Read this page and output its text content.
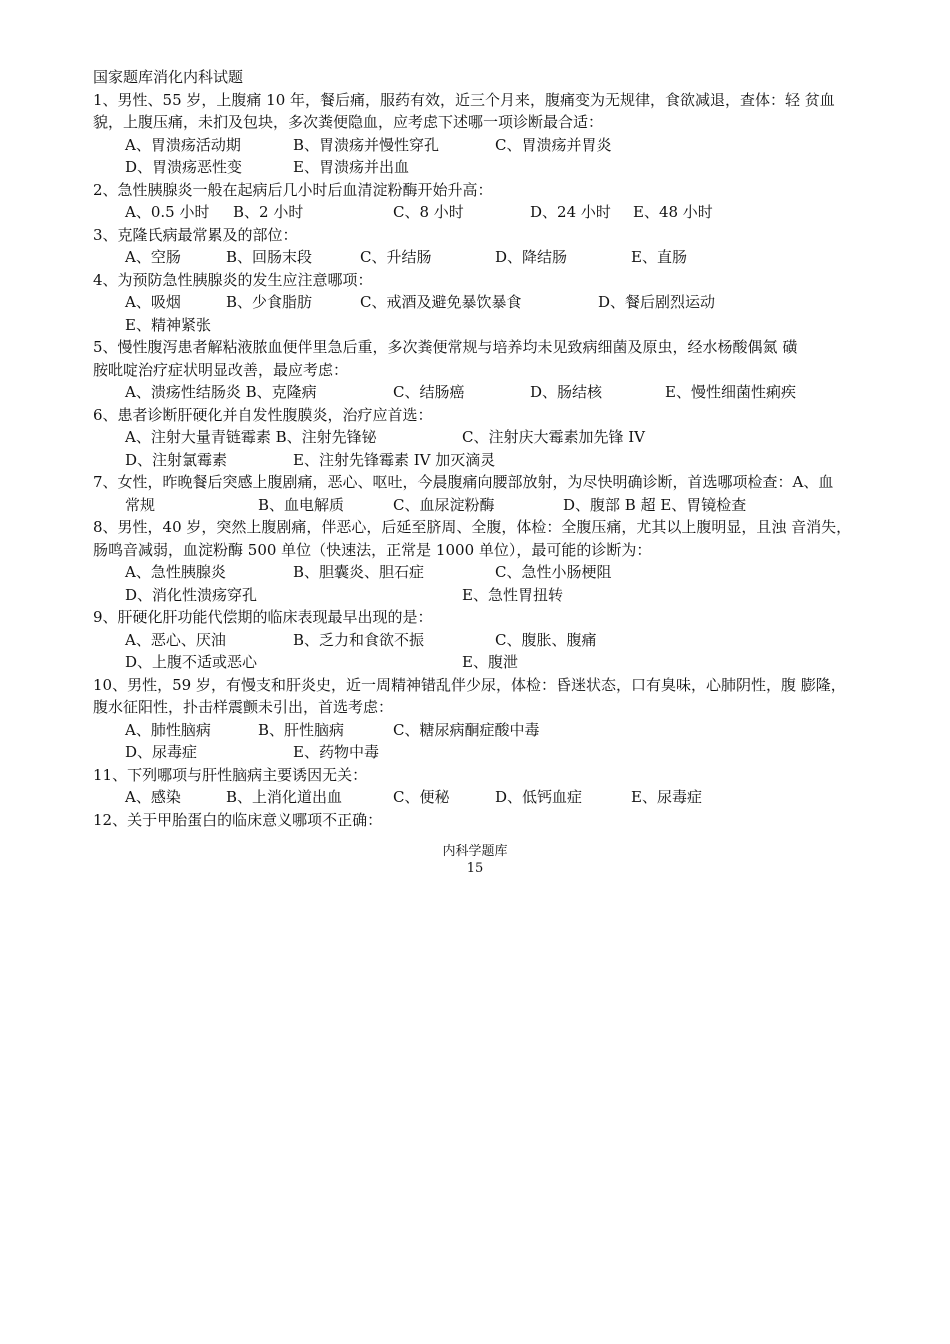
国家题库消化内科试题
1、男性、55 岁，上腹痛 10 年，餐后痛，服药有效，近三个月来，腹痛变为无规律，食欲减退，查体：轻 贫血
貌，上腹压痛，未扪及包块，多次粪便隐血，应考虑下述哪一项诊断最合适：
A、胃溃疡活动期	B、胃溃疡并慢性穿孔	C、胃溃疡并胃炎
D、胃溃疡恶性变	E、胃溃疡并出血
2、急性胰腺炎一般在起病后几小时后血清淀粉酶开始升高：
A、0.5 小时 B、2 小时	C、8 小时	D、24 小时 E、48 小时
3、克隆氏病最常累及的部位：
A、空肠	B、回肠末段	C、升结肠	D、降结肠	E、直肠
4、为预防急性胰腺炎的发生应注意哪项：
A、吸烟	B、少食脂肪	C、戒酒及避免暴饮暴食	D、餐后剧烈运动
E、精神紧张
5、慢性腹泻患者解粘液脓血便伴里急后重，多次粪便常规与培养均未见致病细菌及原虫，经水杨酸偶氮 磺
胺吡啶治疗症状明显改善，最应考虑：
A、溃疡性结肠炎 B、克隆病	C、结肠癌	D、肠结核	E、慢性细菌性痢疾
6、患者诊断肝硬化并自发性腹膜炎，治疗应首选：
A、注射大量青链霉素 B、注射先锋铋	C、注射庆大霉素加先锋 IV
D、注射氯霉素	E、注射先锋霉素 IV 加灭滴灵
7、女性，昨晚餐后突感上腹剧痛，恶心、呕吐，今晨腹痛向腰部放射，为尽快明确诊断，首选哪项检查：A、血
常规	B、血电解质	C、血尿淀粉酶	D、腹部 B 超 E、胃镜检查
8、男性，40 岁，突然上腹剧痛，伴恶心，后延至脐周、全腹，体检：全腹压痛，尤其以上腹明显，且浊 音消失，
肠鸣音减弱，血淀粉酶 500 单位（快速法，正常是 1000 单位），最可能的诊断为：
A、急性胰腺炎	B、胆囊炎、胆石症	C、急性小肠梗阻
D、消化性溃疡穿孔	E、急性胃扭转
9、肝硬化肝功能代偿期的临床表现最早出现的是：
A、恶心、厌油	B、乏力和食欲不振	C、腹胀、腹痛
D、上腹不适或恶心	E、腹泄
10、男性，59 岁，有慢支和肝炎史，近一周精神错乱伴少尿，体检：昏迷状态，口有臭味，心肺阴性，腹 膨隆，
腹水征阳性，扑击样震颤未引出，首选考虑：
A、肺性脑病	B、肝性脑病	C、糖尿病酮症酸中毒
D、尿毒症	E、药物中毒
11、下列哪项与肝性脑病主要诱因无关：
A、感染	B、上消化道出血	C、便秘	D、低钙血症	E、尿毒症
12、关于甲胎蛋白的临床意义哪项不正确：
内科学题库
15
